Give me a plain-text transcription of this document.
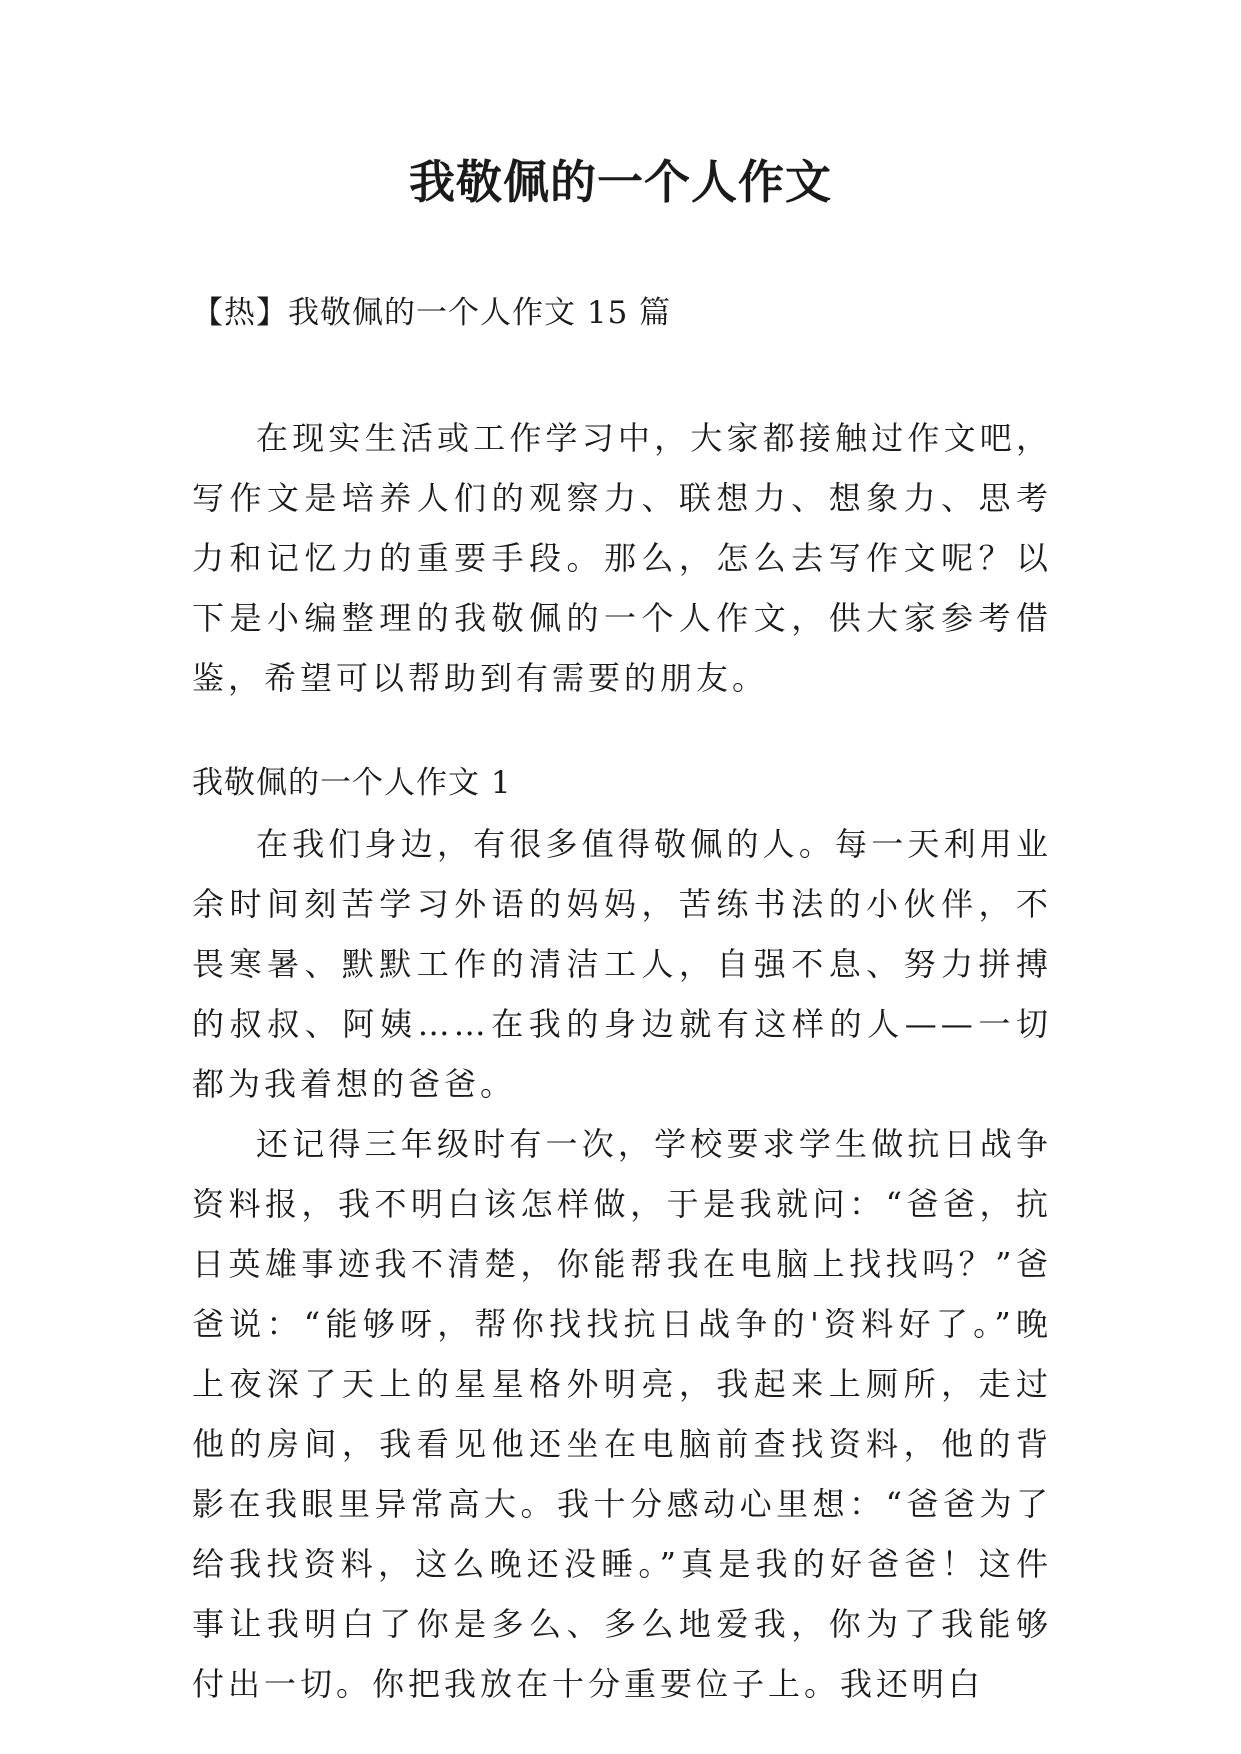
我敬佩的一个人作文
【热】我敬佩的一个人作文 15 篇

在现实生活或工作学习中，大家都接触过作文吧，写作文是培养人们的观察力、联想力、想象力、思考力和记忆力的重要手段。那么，怎么去写作文呢？以下是小编整理的我敬佩的一个人作文，供大家参考借鉴，希望可以帮助到有需要的朋友。

我敬佩的一个人作文 1

在我们身边，有很多值得敬佩的人。每一天利用业余时间刻苦学习外语的妈妈，苦练书法的小伙伴，不畏寒暑、默默工作的清洁工人，自强不息、努力拼搏的叔叔、阿姨……在我的身边就有这样的人——一切都为我着想的爸爸。

还记得三年级时有一次，学校要求学生做抗日战争资料报，我不明白该怎样做，于是我就问：“爸爸，抗日英雄事迹我不清楚，你能帮我在电脑上找找吗？”爸爸说：“能够呀，帮你找找抗日战争的'资料好了。”晚上夜深了天上的星星格外明亮，我起来上厕所，走过他的房间，我看见他还坐在电脑前查找资料，他的背影在我眼里异常高大。我十分感动心里想：“爸爸为了给我找资料，这么晚还没睡。”真是我的好爸爸！这件事让我明白了你是多么、多么地爱我，你为了我能够付出一切。你把我放在十分重要位子上。我还明白
